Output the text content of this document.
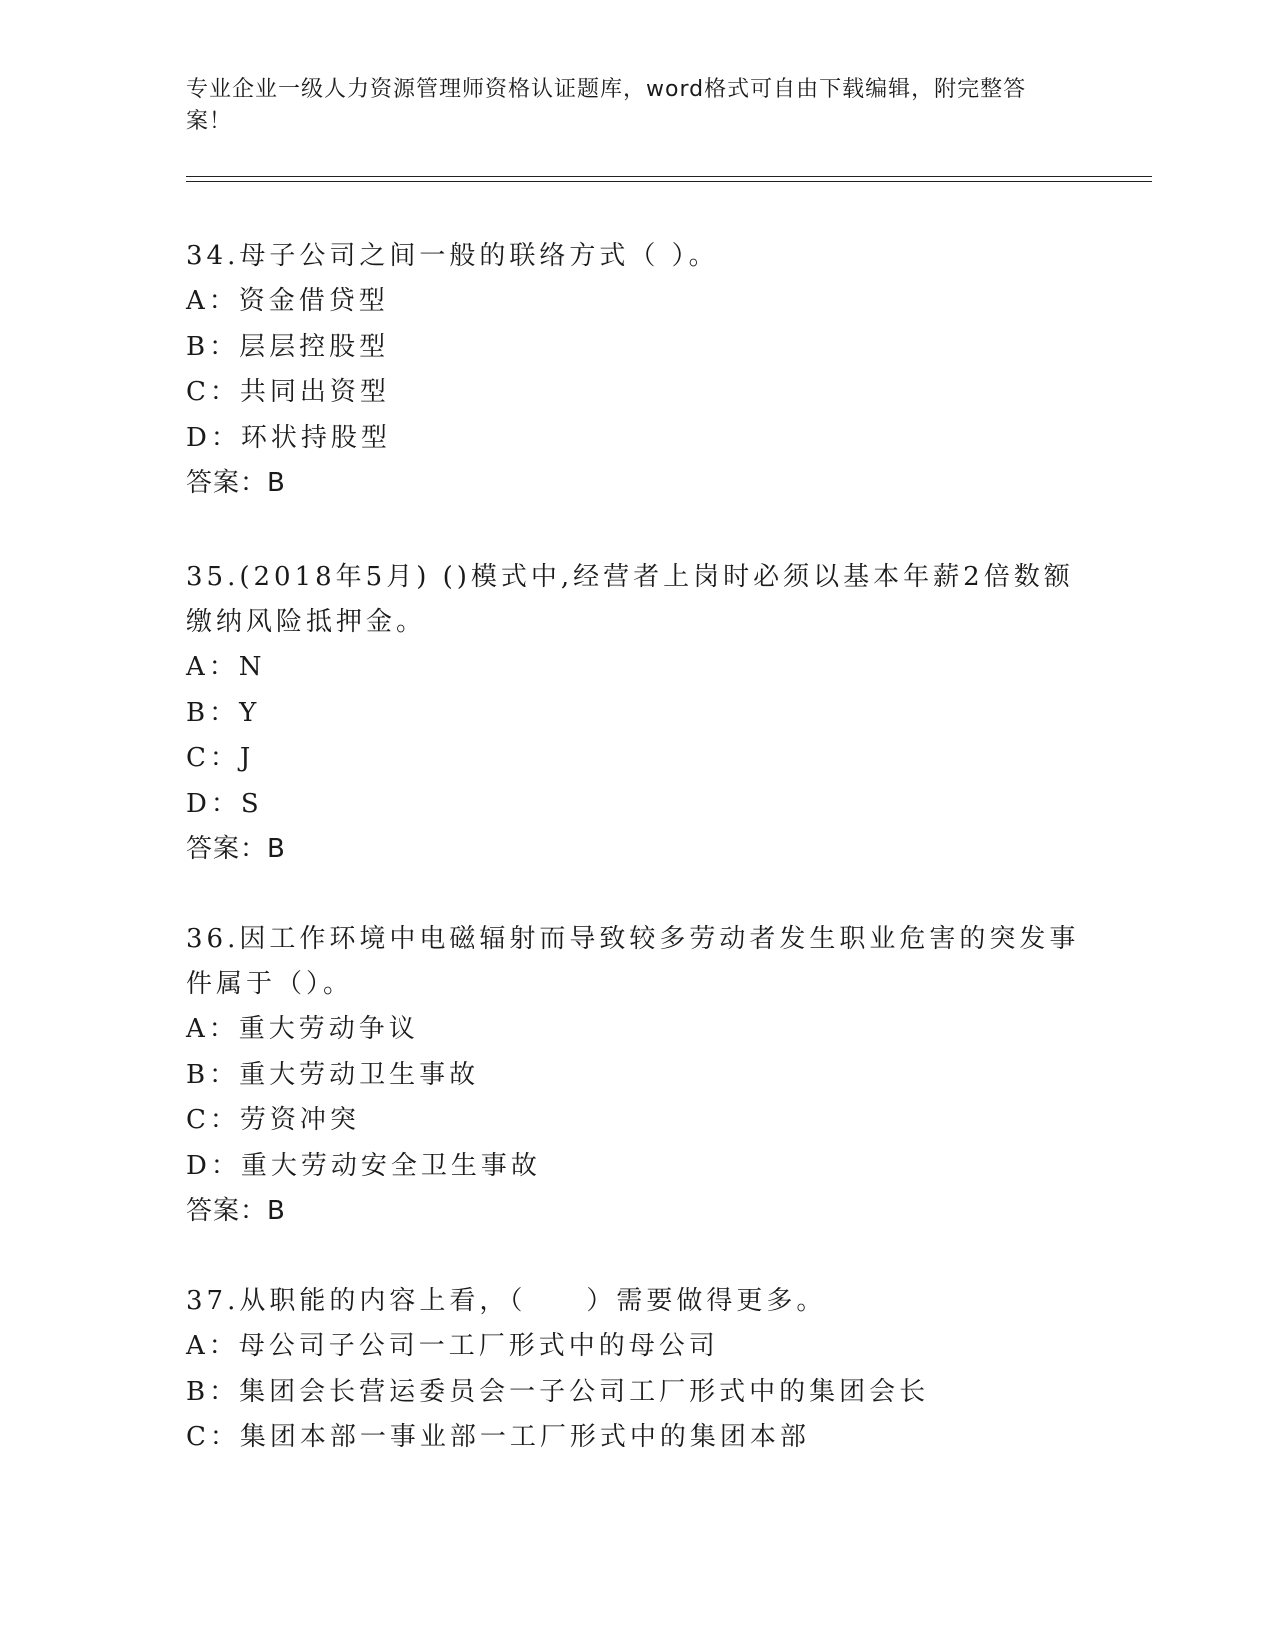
专业企业一级人力资源管理师资格认证题库，word格式可自由下载编辑，附完整答案！
34.母子公司之间一般的联络方式（ ）。
A：资金借贷型
B：层层控股型
C：共同出资型
D：环状持股型
答案：B
35.(2018年5月) ()模式中,经营者上岗时必须以基本年薪2倍数额缴纳风险抵押金。
A：N
B：Y
C：J
D：S
答案：B
36.因工作环境中电磁辐射而导致较多劳动者发生职业危害的突发事件属于（）。
A：重大劳动争议
B：重大劳动卫生事故
C：劳资冲突
D：重大劳动安全卫生事故
答案：B
37.从职能的内容上看，（　　）需要做得更多。
A：母公司子公司一工厂形式中的母公司
B：集团会长营运委员会一子公司工厂形式中的集团会长
C：集团本部一事业部一工厂形式中的集团本部
